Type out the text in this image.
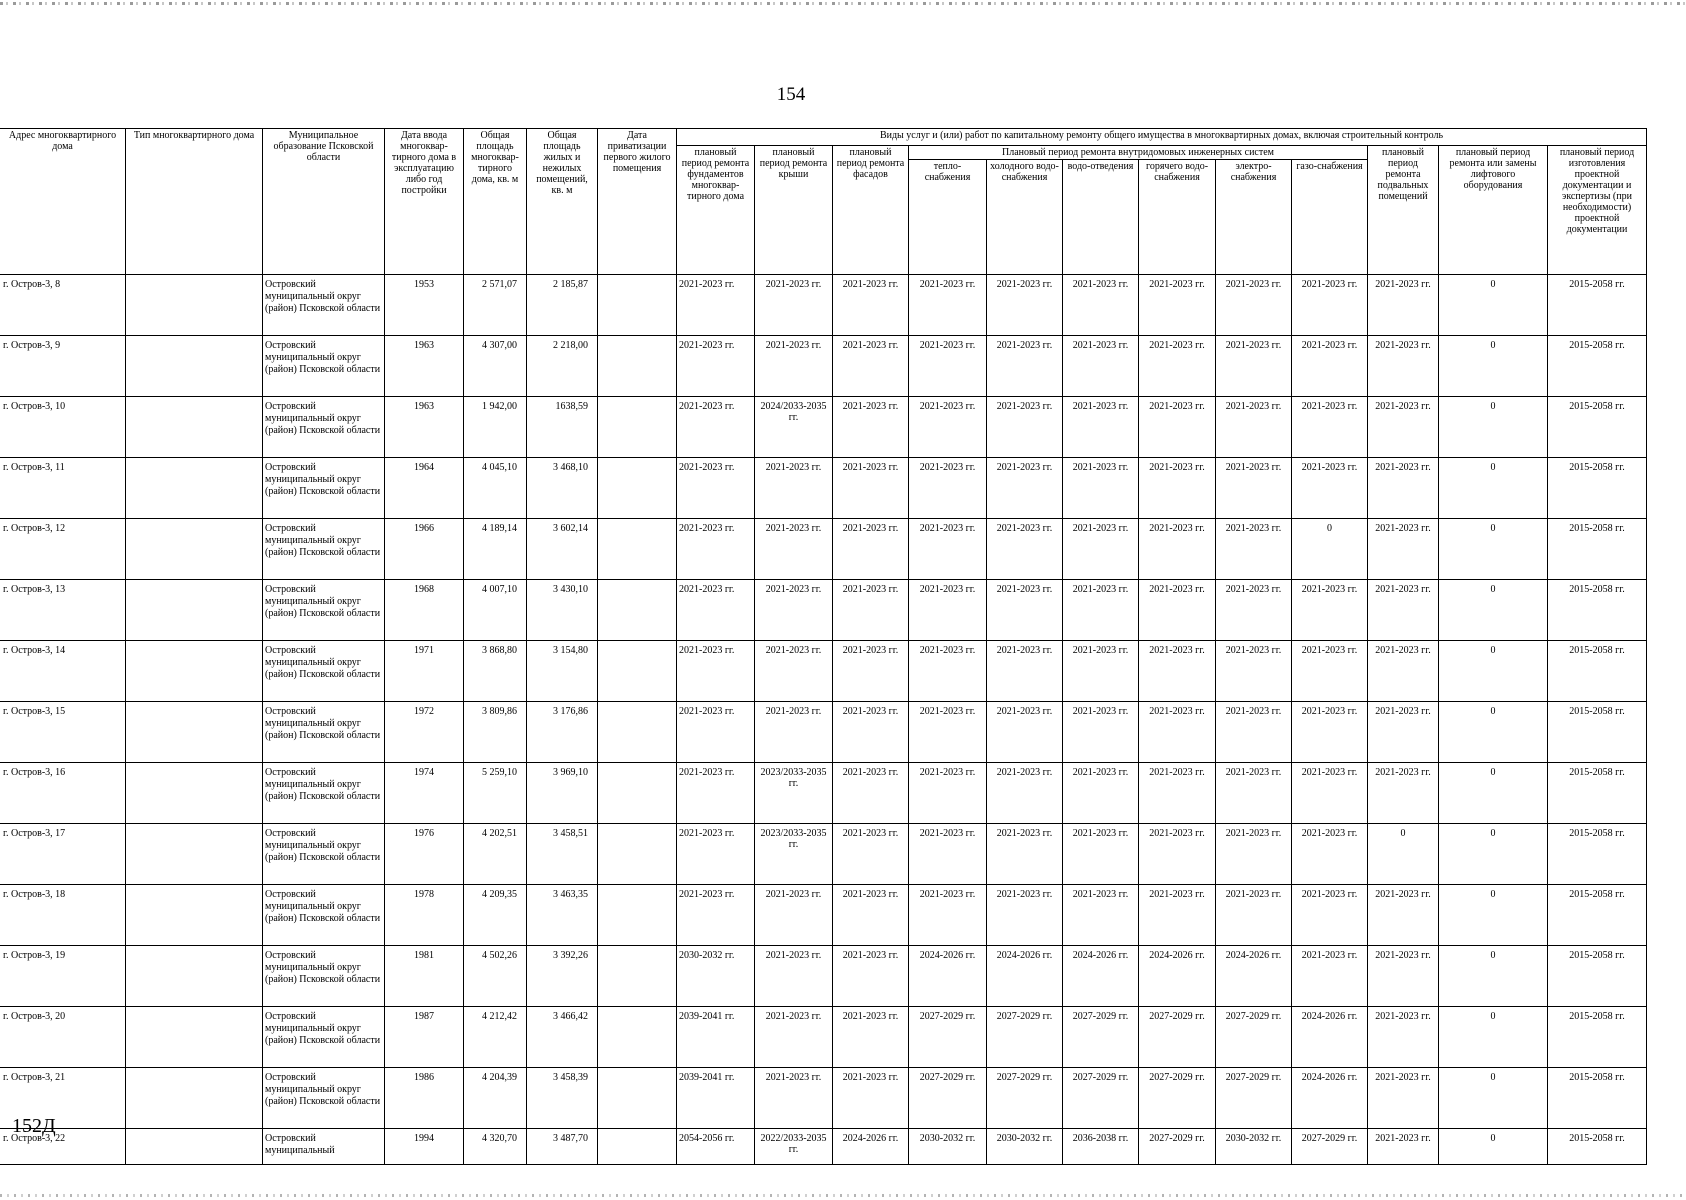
154
Адрес многоквартирного дома	Тип многоквартирного дома	Муниципальное образование Псковской области	Дата ввода многоквар-тирного дома в эксплуатацию либо год постройки	Общая площадь многоквар-тирного дома, кв. м	Общая площадь жилых и нежилых помещений, кв. м	Дата приватизации первого жилого помещения	Виды услуг и (или) работ по капитальному ремонту общего имущества в многоквартирных домах, включая строительный контроль											
							плановый период ремонта фундаментов многоквар-тирного дома	плановый период ремонта крыши	плановый период ремонта фасадов	Плановый период ремонта внутридомовых инженерных систем						плановый период ремонта подвальных помещений	плановый период ремонта или замены лифтового оборудования	плановый период изготовления проектной документации и экспертизы (при необходимости) проектной документации
										тепло-снабжения	холодного водо-снабжения	водо-отведения	горячего водо-снабжения	электро-снабжения	газо-снабжения			
г. Остров-3, 8		Островский муниципальный округ (район) Псковской области	1953	2 571,07	2 185,87		2021-2023 гг.	2021-2023 гг.	2021-2023 гг.	2021-2023 гг.	2021-2023 гг.	2021-2023 гг.	2021-2023 гг.	2021-2023 гг.	2021-2023 гг.	2021-2023 гг.	0	2015-2058 гг.
г. Остров-3, 9		Островский муниципальный округ (район) Псковской области	1963	4 307,00	2 218,00		2021-2023 гг.	2021-2023 гг.	2021-2023 гг.	2021-2023 гг.	2021-2023 гг.	2021-2023 гг.	2021-2023 гг.	2021-2023 гг.	2021-2023 гг.	2021-2023 гг.	0	2015-2058 гг.
г. Остров-3, 10		Островский муниципальный округ (район) Псковской области	1963	1 942,00	1638,59		2021-2023 гг.	2024/2033-2035 гг.	2021-2023 гг.	2021-2023 гг.	2021-2023 гг.	2021-2023 гг.	2021-2023 гг.	2021-2023 гг.	2021-2023 гг.	2021-2023 гг.	0	2015-2058 гг.
г. Остров-3, 11		Островский муниципальный округ (район) Псковской области	1964	4 045,10	3 468,10		2021-2023 гг.	2021-2023 гг.	2021-2023 гг.	2021-2023 гг.	2021-2023 гг.	2021-2023 гг.	2021-2023 гг.	2021-2023 гг.	2021-2023 гг.	2021-2023 гг.	0	2015-2058 гг.
г. Остров-3, 12		Островский муниципальный округ (район) Псковской области	1966	4 189,14	3 602,14		2021-2023 гг.	2021-2023 гг.	2021-2023 гг.	2021-2023 гг.	2021-2023 гг.	2021-2023 гг.	2021-2023 гг.	2021-2023 гг.	0	2021-2023 гг.	0	2015-2058 гг.
г. Остров-3, 13		Островский муниципальный округ (район) Псковской области	1968	4 007,10	3 430,10		2021-2023 гг.	2021-2023 гг.	2021-2023 гг.	2021-2023 гг.	2021-2023 гг.	2021-2023 гг.	2021-2023 гг.	2021-2023 гг.	2021-2023 гг.	2021-2023 гг.	0	2015-2058 гг.
г. Остров-3, 14		Островский муниципальный округ (район) Псковской области	1971	3 868,80	3 154,80		2021-2023 гг.	2021-2023 гг.	2021-2023 гг.	2021-2023 гг.	2021-2023 гг.	2021-2023 гг.	2021-2023 гг.	2021-2023 гг.	2021-2023 гг.	2021-2023 гг.	0	2015-2058 гг.
г. Остров-3, 15		Островский муниципальный округ (район) Псковской области	1972	3 809,86	3 176,86		2021-2023 гг.	2021-2023 гг.	2021-2023 гг.	2021-2023 гг.	2021-2023 гг.	2021-2023 гг.	2021-2023 гг.	2021-2023 гг.	2021-2023 гг.	2021-2023 гг.	0	2015-2058 гг.
г. Остров-3, 16		Островский муниципальный округ (район) Псковской области	1974	5 259,10	3 969,10		2021-2023 гг.	2023/2033-2035 гг.	2021-2023 гг.	2021-2023 гг.	2021-2023 гг.	2021-2023 гг.	2021-2023 гг.	2021-2023 гг.	2021-2023 гг.	2021-2023 гг.	0	2015-2058 гг.
г. Остров-3, 17		Островский муниципальный округ (район) Псковской области	1976	4 202,51	3 458,51		2021-2023 гг.	2023/2033-2035 гг.	2021-2023 гг.	2021-2023 гг.	2021-2023 гг.	2021-2023 гг.	2021-2023 гг.	2021-2023 гг.	2021-2023 гг.	0	0	2015-2058 гг.
г. Остров-3, 18		Островский муниципальный округ (район) Псковской области	1978	4 209,35	3 463,35		2021-2023 гг.	2021-2023 гг.	2021-2023 гг.	2021-2023 гг.	2021-2023 гг.	2021-2023 гг.	2021-2023 гг.	2021-2023 гг.	2021-2023 гг.	2021-2023 гг.	0	2015-2058 гг.
г. Остров-3, 19		Островский муниципальный округ (район) Псковской области	1981	4 502,26	3 392,26		2030-2032 гг.	2021-2023 гг.	2021-2023 гг.	2024-2026 гг.	2024-2026 гг.	2024-2026 гг.	2024-2026 гг.	2024-2026 гг.	2021-2023 гг.	2021-2023 гг.	0	2015-2058 гг.
г. Остров-3, 20		Островский муниципальный округ (район) Псковской области	1987	4 212,42	3 466,42		2039-2041 гг.	2021-2023 гг.	2021-2023 гг.	2027-2029 гг.	2027-2029 гг.	2027-2029 гг.	2027-2029 гг.	2027-2029 гг.	2024-2026 гг.	2021-2023 гг.	0	2015-2058 гг.
г. Остров-3, 21		Островский муниципальный округ (район) Псковской области	1986	4 204,39	3 458,39		2039-2041 гг.	2021-2023 гг.	2021-2023 гг.	2027-2029 гг.	2027-2029 гг.	2027-2029 гг.	2027-2029 гг.	2027-2029 гг.	2024-2026 гг.	2021-2023 гг.	0	2015-2058 гг.
г. Остров-3, 22		Островский муниципальный	1994	4 320,70	3 487,70		2054-2056 гг.	2022/2033-2035 гг.	2024-2026 гг.	2030-2032 гг.	2030-2032 гг.	2036-2038 гг.	2027-2029 гг.	2030-2032 гг.	2027-2029 гг.	2021-2023 гг.	0	2015-2058 гг.
152Д
